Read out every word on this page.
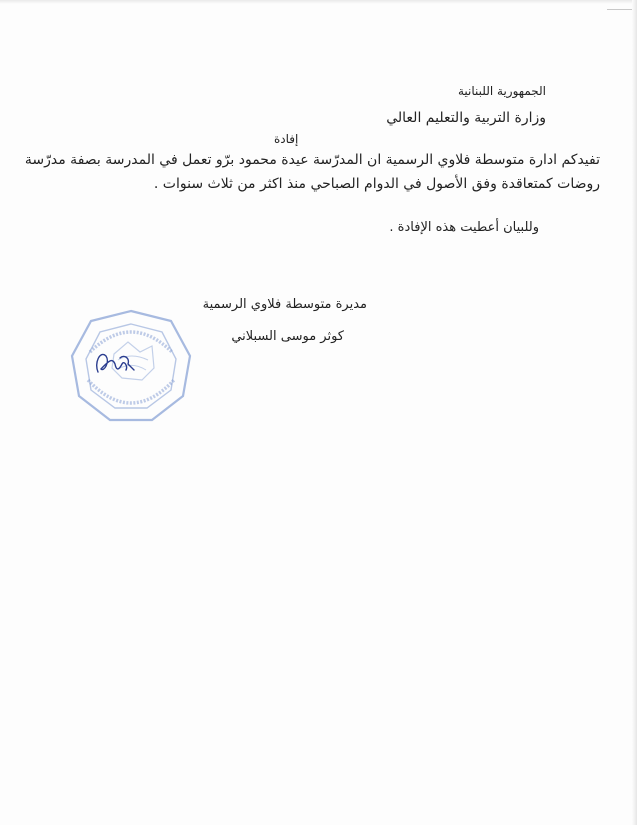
الجمهورية اللبنانية
وزارة التربية والتعليم العالي
إفادة

تفيدكم ادارة متوسطة فلاوي الرسمية ان المدرّسة عيدة محمود برّو تعمل في المدرسة بصفة مدرّسة روضات كمتعاقدة وفق الأصول في الدوام الصباحي منذ اكثر من ثلاث سنوات .

وللبيان أعطيت هذه الإفادة .
مديرة متوسطة فلاوي الرسمية
كوثر موسى السبلاني
